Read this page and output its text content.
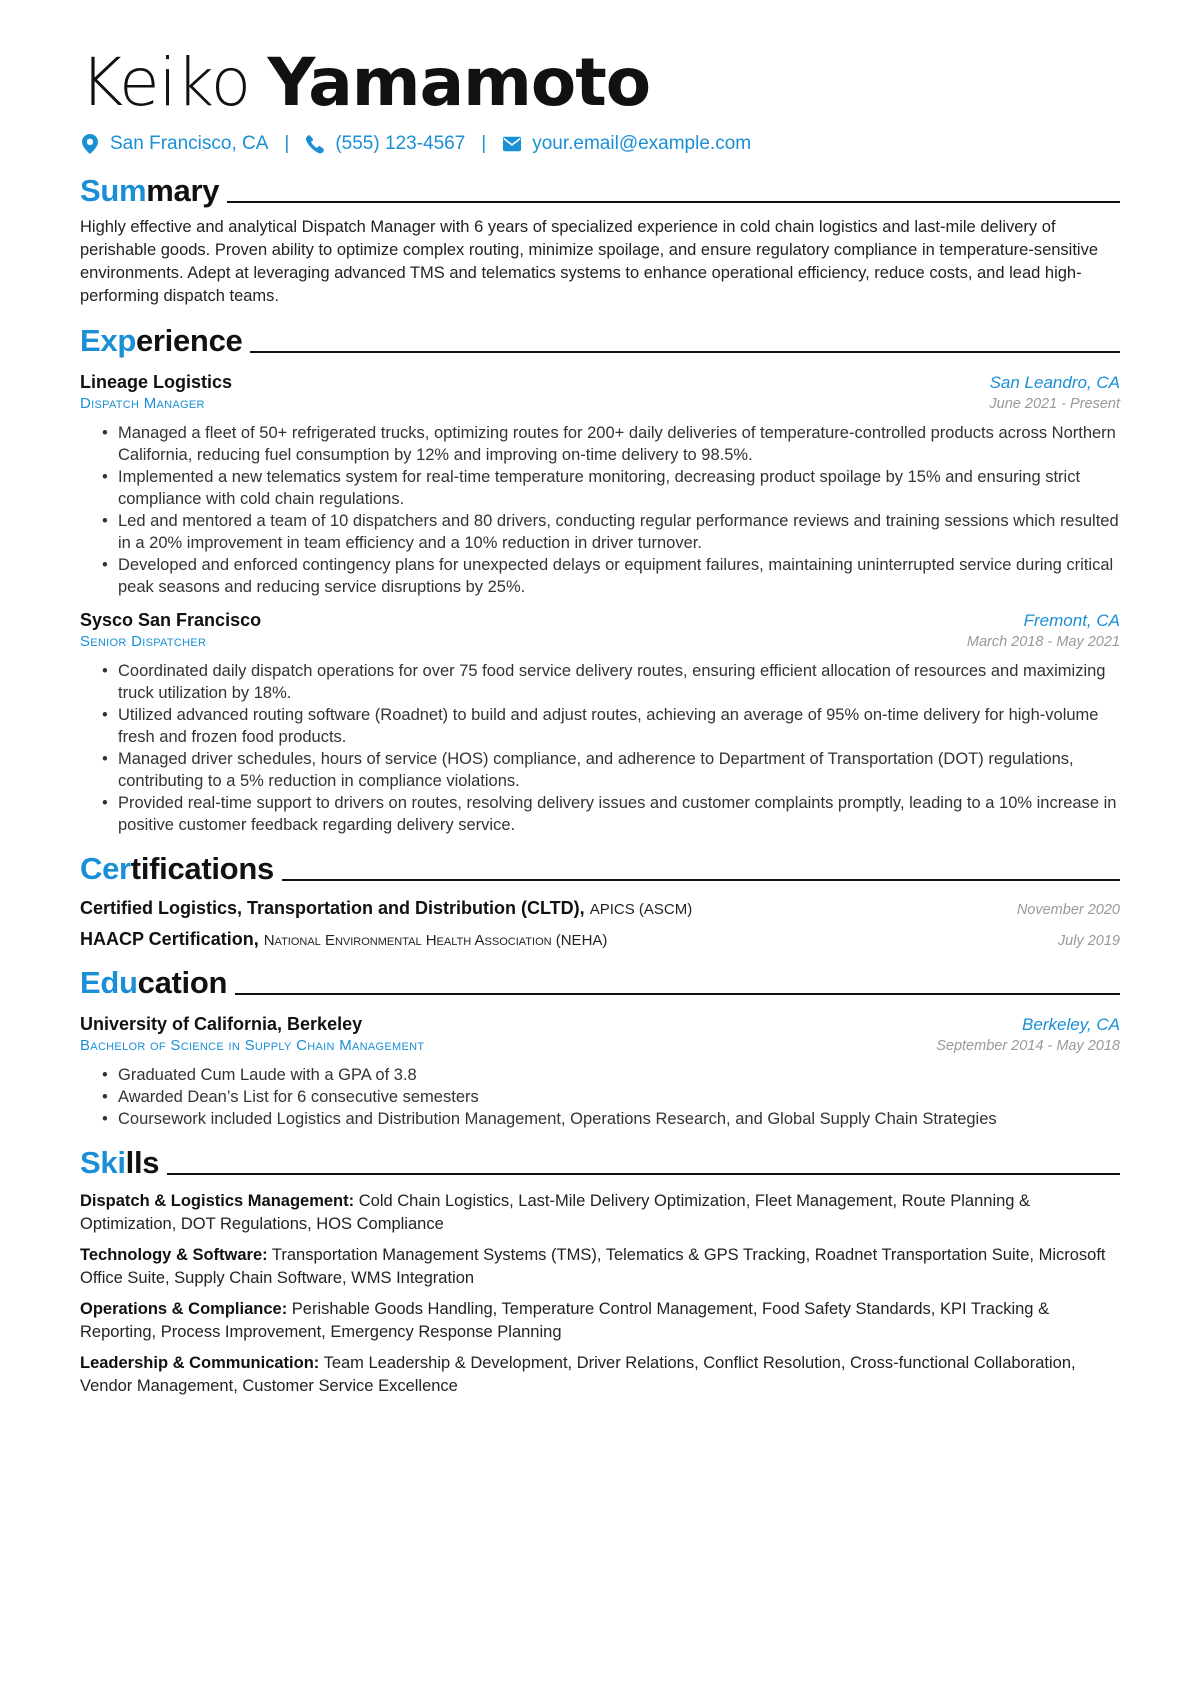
Keiko Yamamoto
San Francisco, CA | (555) 123-4567 | your.email@example.com
Summary
Highly effective and analytical Dispatch Manager with 6 years of specialized experience in cold chain logistics and last-mile delivery of perishable goods. Proven ability to optimize complex routing, minimize spoilage, and ensure regulatory compliance in temperature-sensitive environments. Adept at leveraging advanced TMS and telematics systems to enhance operational efficiency, reduce costs, and lead high-performing dispatch teams.
Experience
Lineage Logistics	San Leandro, CA
Dispatch Manager	June 2021 - Present
• Managed a fleet of 50+ refrigerated trucks, optimizing routes for 200+ daily deliveries of temperature-controlled products across Northern California, reducing fuel consumption by 12% and improving on-time delivery to 98.5%.
• Implemented a new telematics system for real-time temperature monitoring, decreasing product spoilage by 15% and ensuring strict compliance with cold chain regulations.
• Led and mentored a team of 10 dispatchers and 80 drivers, conducting regular performance reviews and training sessions which resulted in a 20% improvement in team efficiency and a 10% reduction in driver turnover.
• Developed and enforced contingency plans for unexpected delays or equipment failures, maintaining uninterrupted service during critical peak seasons and reducing service disruptions by 25%.
Sysco San Francisco	Fremont, CA
Senior Dispatcher	March 2018 - May 2021
• Coordinated daily dispatch operations for over 75 food service delivery routes, ensuring efficient allocation of resources and maximizing truck utilization by 18%.
• Utilized advanced routing software (Roadnet) to build and adjust routes, achieving an average of 95% on-time delivery for high-volume fresh and frozen food products.
• Managed driver schedules, hours of service (HOS) compliance, and adherence to Department of Transportation (DOT) regulations, contributing to a 5% reduction in compliance violations.
• Provided real-time support to drivers on routes, resolving delivery issues and customer complaints promptly, leading to a 10% increase in positive customer feedback regarding delivery service.
Certifications
Certified Logistics, Transportation and Distribution (CLTD), APICS (ASCM)	November 2020
HAACP Certification, National Environmental Health Association (NEHA)	July 2019
Education
University of California, Berkeley	Berkeley, CA
Bachelor of Science in Supply Chain Management	September 2014 - May 2018
• Graduated Cum Laude with a GPA of 3.8
• Awarded Dean’s List for 6 consecutive semesters
• Coursework included Logistics and Distribution Management, Operations Research, and Global Supply Chain Strategies
Skills
Dispatch & Logistics Management: Cold Chain Logistics, Last-Mile Delivery Optimization, Fleet Management, Route Planning & Optimization, DOT Regulations, HOS Compliance
Technology & Software: Transportation Management Systems (TMS), Telematics & GPS Tracking, Roadnet Transportation Suite, Microsoft Office Suite, Supply Chain Software, WMS Integration
Operations & Compliance: Perishable Goods Handling, Temperature Control Management, Food Safety Standards, KPI Tracking & Reporting, Process Improvement, Emergency Response Planning
Leadership & Communication: Team Leadership & Development, Driver Relations, Conflict Resolution, Cross-functional Collaboration, Vendor Management, Customer Service Excellence
